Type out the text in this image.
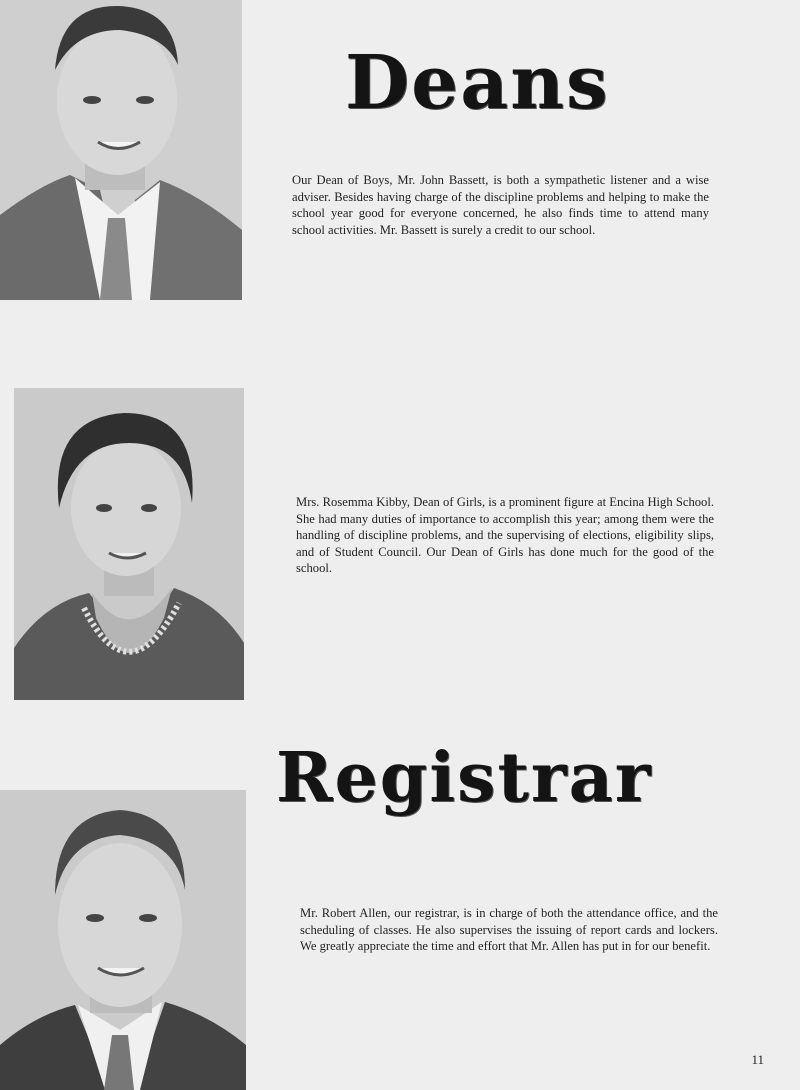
Deans

Our Dean of Boys, Mr. John Bassett, is both a sympathetic listener and a wise adviser. Besides having charge of the discipline problems and helping to make the school year good for everyone concerned, he also finds time to attend many school activities. Mr. Bassett is surely a credit to our school.

Mrs. Rosemma Kibby, Dean of Girls, is a prominent figure at Encina High School. She had many duties of importance to accomplish this year; among them were the handling of discipline problems, and the supervising of elections, eligibility slips, and of Student Council. Our Dean of Girls has done much for the good of the school.

Registrar

Mr. Robert Allen, our registrar, is in charge of both the attendance office, and the scheduling of classes. He also supervises the issuing of report cards and lockers. We greatly appreciate the time and effort that Mr. Allen has put in for our benefit.

11
